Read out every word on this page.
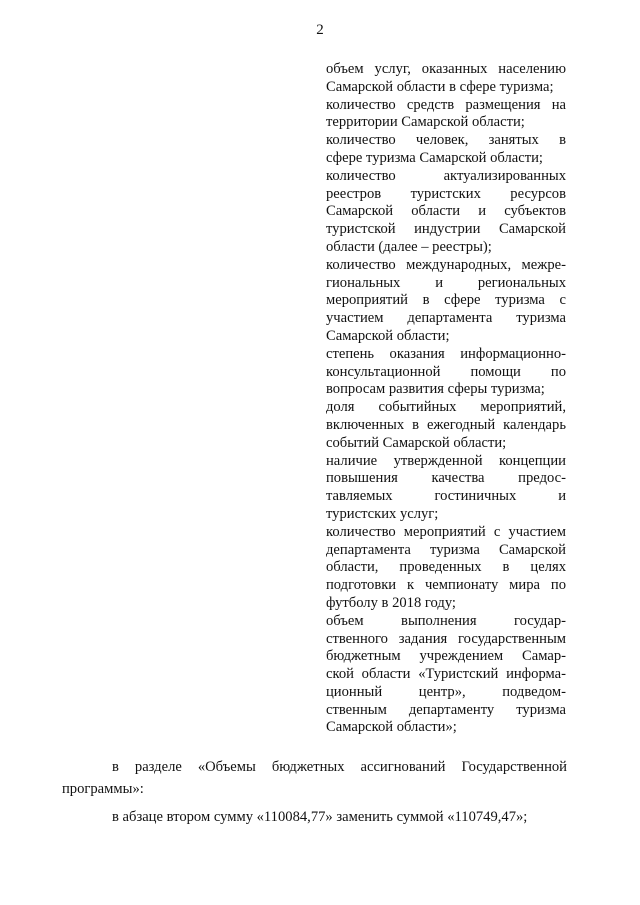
2
объем услуг, оказанных населению
Самарской области в сфере туризма;
количество средств размещения на
территории Самарской области;
количество человек, занятых в
сфере туризма Самарской области;
количество актуализированных
реестров туристских ресурсов
Самарской области и субъектов
туристской индустрии Самарской
области (далее – реестры);
количество международных, межре-
гиональных и региональных
мероприятий в сфере туризма с
участием департамента туризма
Самарской области;
степень оказания информационно-
консультационной помощи по
вопросам развития сферы туризма;
доля событийных мероприятий,
включенных в ежегодный календарь
событий Самарской области;
наличие утвержденной концепции
повышения качества предос-
тавляемых гостиничных и
туристских услуг;
количество мероприятий с участием
департамента туризма Самарской
области, проведенных в целях
подготовки к чемпионату мира по
футболу в 2018 году;
объем выполнения государ-
ственного задания государственным
бюджетным учреждением Самар-
ской области «Туристский информа-
ционный центр», подведом-
ственным департаменту туризма
Самарской области»;
в разделе «Объемы бюджетных ассигнований Государственной
программы»:
в абзаце втором сумму «110084,77» заменить суммой «110749,47»;
